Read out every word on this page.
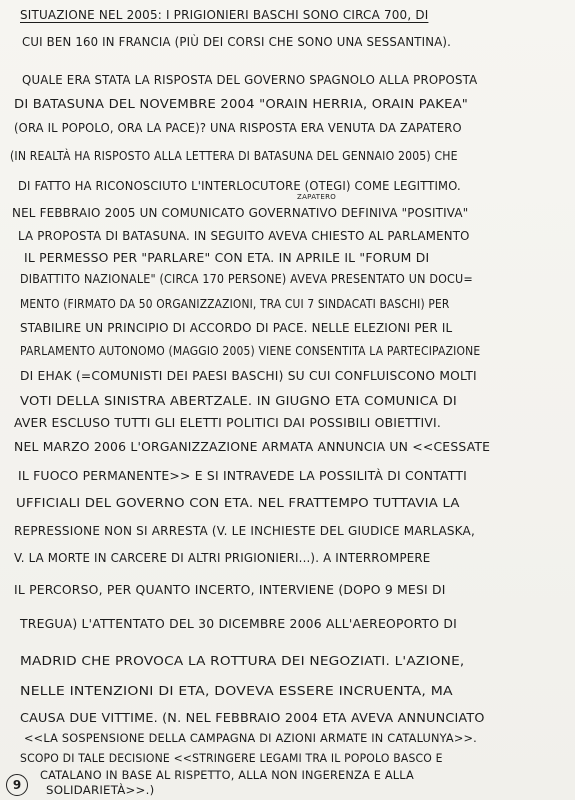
SITUAZIONE NEL 2005: I PRIGIONIERI BASCHI SONO CIRCA 700, DI
CUI BEN 160 IN FRANCIA (PIÙ DEI CORSI CHE SONO UNA SESSANTINA).
QUALE ERA STATA LA RISPOSTA DEL GOVERNO SPAGNOLO ALLA PROPOSTA
DI BATASUNA DEL NOVEMBRE 2004 "ORAIN HERRIA, ORAIN PAKEA"
(ORA IL POPOLO, ORA LA PACE)? UNA RISPOSTA ERA VENUTA DA ZAPATERO
(IN REALTÀ HA RISPOSTO ALLA LETTERA DI BATASUNA DEL GENNAIO 2005) CHE
DI FATTO HA RICONOSCIUTO L'INTERLOCUTORE (OTEGI) COME LEGITTIMO.
NEL FEBBRAIO 2005 UN COMUNICATO GOVERNATIVO DEFINIVA "POSITIVA"
ZAPATERO
LA PROPOSTA DI BATASUNA. IN SEGUITO AVEVA CHIESTO AL PARLAMENTO
IL PERMESSO PER "PARLARE" CON ETA. IN APRILE IL "FORUM DI
DIBATTITO NAZIONALE" (CIRCA 170 PERSONE) AVEVA PRESENTATO UN DOCU=
MENTO (FIRMATO DA 50 ORGANIZZAZIONI, TRA CUI 7 SINDACATI BASCHI) PER
STABILIRE UN PRINCIPIO DI ACCORDO DI PACE. NELLE ELEZIONI PER IL
PARLAMENTO AUTONOMO (MAGGIO 2005) VIENE CONSENTITA LA PARTECIPAZIONE
DI EHAK (=COMUNISTI DEI PAESI BASCHI) SU CUI CONFLUISCONO MOLTI
VOTI DELLA SINISTRA ABERTZALE. IN GIUGNO ETA COMUNICA DI
AVER ESCLUSO TUTTI GLI ELETTI POLITICI DAI POSSIBILI OBIETTIVI.
NEL MARZO 2006 L'ORGANIZZAZIONE ARMATA ANNUNCIA UN <<CESSATE
IL FUOCO PERMANENTE>> E SI INTRAVEDE LA POSSILITÀ DI CONTATTI
UFFICIALI DEL GOVERNO CON ETA. NEL FRATTEMPO TUTTAVIA LA
REPRESSIONE NON SI ARRESTA (V. LE INCHIESTE DEL GIUDICE MARLASKA,
V. LA MORTE IN CARCERE DI ALTRI PRIGIONIERI...). A INTERROMPERE
IL PERCORSO, PER QUANTO INCERTO, INTERVIENE (DOPO 9 MESI DI
TREGUA) L'ATTENTATO DEL 30 DICEMBRE 2006 ALL'AEREOPORTO DI
MADRID CHE PROVOCA LA ROTTURA DEI NEGOZIATI. L'AZIONE,
NELLE INTENZIONI DI ETA, DOVEVA ESSERE INCRUENTA, MA
CAUSA DUE VITTIME. (N. NEL FEBBRAIO 2004 ETA AVEVA ANNUNCIATO
<<LA SOSPENSIONE DELLA CAMPAGNA DI AZIONI ARMATE IN CATALUNYA>>.
SCOPO DI TALE DECISIONE <<STRINGERE LEGAMI TRA IL POPOLO BASCO E
CATALANO IN BASE AL RISPETTO, ALLA NON INGERENZA E ALLA
SOLIDARIETÀ>>.)
9
